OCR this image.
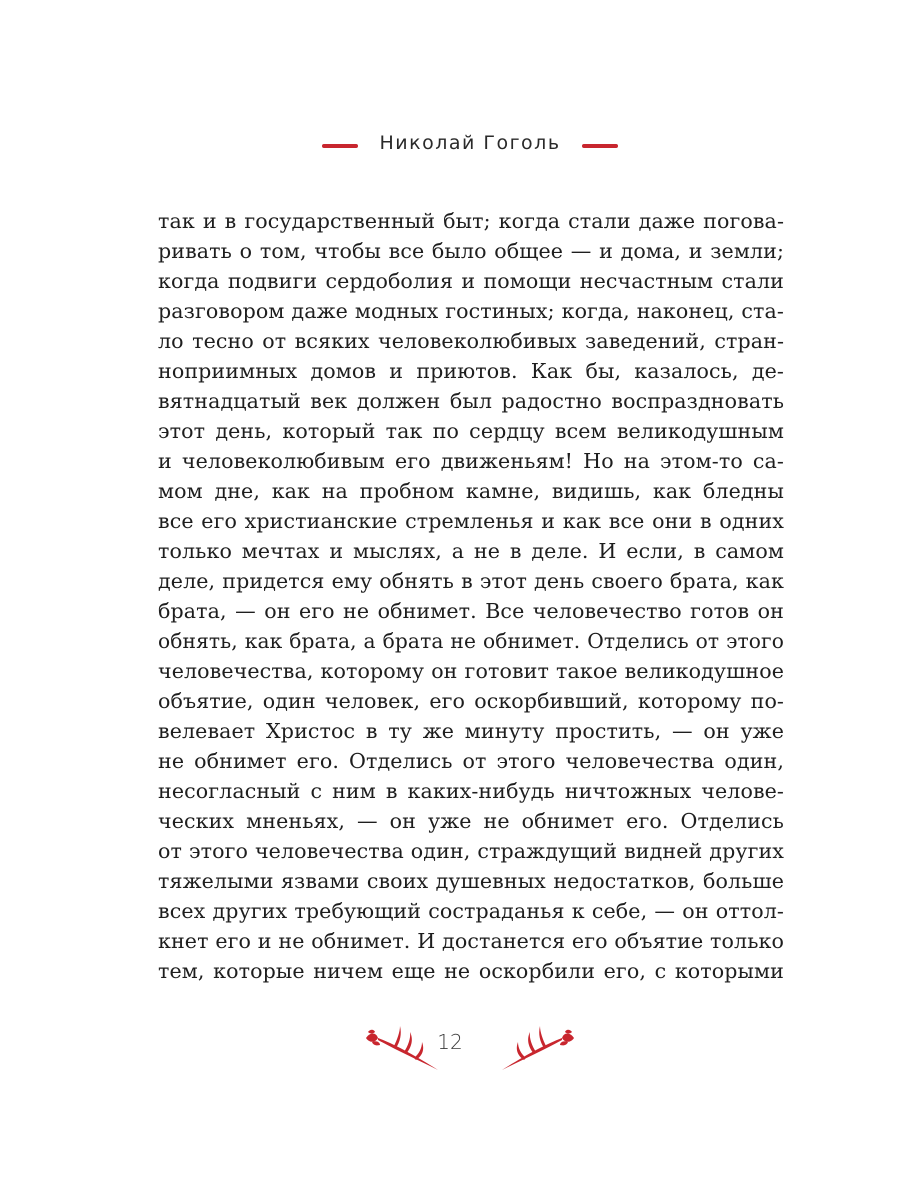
Николай Гоголь
так и в государственный быт; когда стали даже погова-
ривать о том, чтобы все было общее — и дома, и земли;
когда подвиги сердоболия и помощи несчастным стали
разговором даже модных гостиных; когда, наконец, ста-
ло тесно от всяких человеколюбивых заведений, стран-
ноприимных домов и приютов. Как бы, казалось, де-
вятнадцатый век должен был радостно воспраздновать
этот день, который так по сердцу всем великодушным
и человеколюбивым его движеньям! Но на этом-то са-
мом дне, как на пробном камне, видишь, как бледны
все его христианские стремленья и как все они в одних
только мечтах и мыслях, а не в деле. И если, в самом
деле, придется ему обнять в этот день своего брата, как
брата, — он его не обнимет. Все человечество готов он
обнять, как брата, а брата не обнимет. Отделись от этого
человечества, которому он готовит такое великодушное
объятие, один человек, его оскорбивший, которому по-
велевает Христос в ту же минуту простить, — он уже
не обнимет его. Отделись от этого человечества один,
несогласный с ним в каких-нибудь ничтожных челове-
ческих мненьях, — он уже не обнимет его. Отделись
от этого человечества один, страждущий видней других
тяжелыми язвами своих душевных недостатков, больше
всех других требующий состраданья к себе, — он оттол-
кнет его и не обнимет. И достанется его объятие только
тем, которые ничем еще не оскорбили его, с которыми
12
